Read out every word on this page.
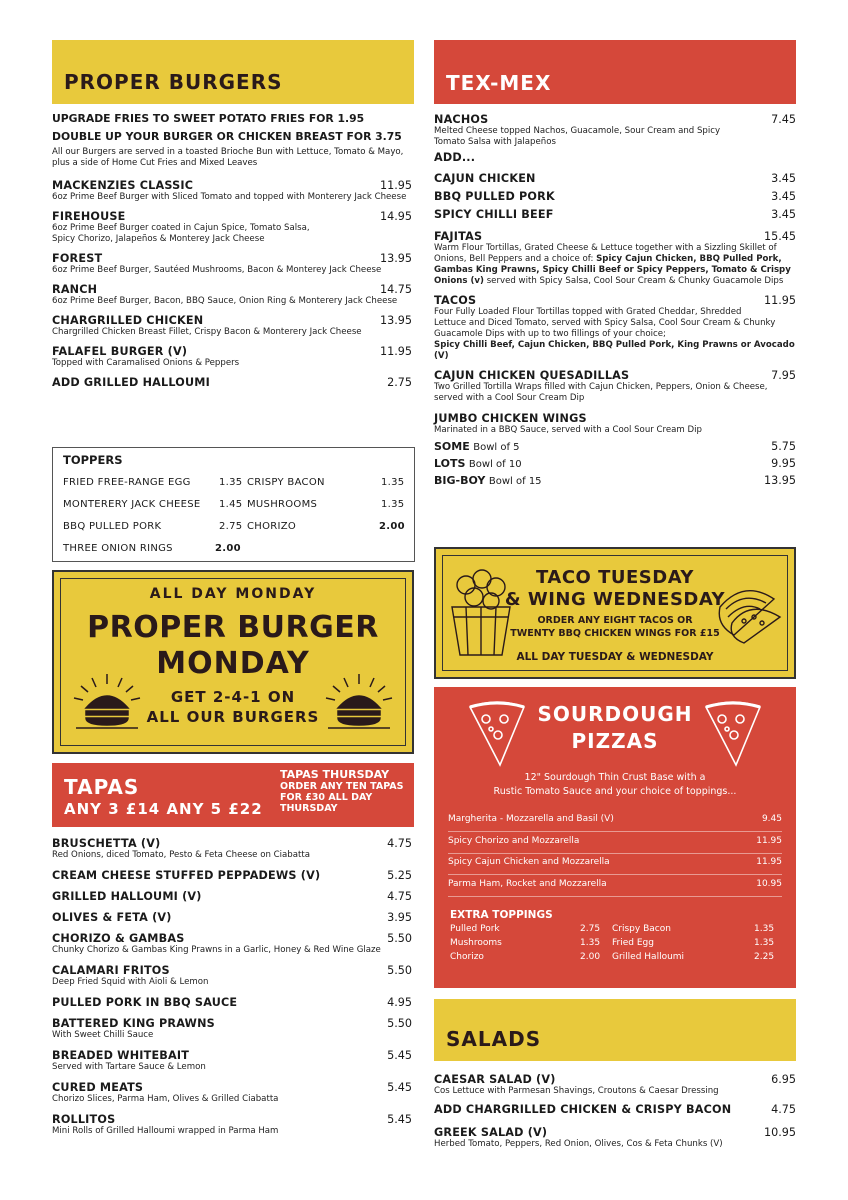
PROPER BURGERS
UPGRADE FRIES TO SWEET POTATO FRIES FOR 1.95
DOUBLE UP YOUR BURGER OR CHICKEN BREAST FOR 3.75
All our Burgers are served in a toasted Brioche Bun with Lettuce, Tomato & Mayo,
plus a side of Home Cut Fries and Mixed Leaves
MACKENZIES CLASSIC	11.95
6oz Prime Beef Burger with Sliced Tomato and topped with Monterery Jack Cheese
FIREHOUSE	14.95
6oz Prime Beef Burger coated in Cajun Spice, Tomato Salsa,
Spicy Chorizo, Jalapeños & Monterey Jack Cheese
FOREST	13.95
6oz Prime Beef Burger, Sautéed Mushrooms, Bacon & Monterey Jack Cheese
RANCH	14.75
6oz Prime Beef Burger, Bacon, BBQ Sauce, Onion Ring & Monterery Jack Cheese
CHARGRILLED CHICKEN	13.95
Chargrilled Chicken Breast Fillet, Crispy Bacon & Monterery Jack Cheese
FALAFEL BURGER (V)	11.95
Topped with Caramalised Onions & Peppers
ADD GRILLED HALLOUMI	2.75
TOPPERS
FRIED FREE-RANGE EGG	1.35 CRISPY BACON	1.35
MONTERERY JACK CHEESE 1.45 MUSHROOMS	1.35
BBQ PULLED PORK	2.75 CHORIZO	2.00
THREE ONION RINGS	2.00
ALL DAY MONDAY
PROPER BURGER
MONDAY
GET 2-4-1 ON
ALL OUR BURGERS
TAPAS
ANY 3 £14 ANY 5 £22
TAPAS THURSDAY
ORDER ANY TEN TAPAS
FOR £30 ALL DAY
THURSDAY
BRUSCHETTA (V)	4.75
Red Onions, diced Tomato, Pesto & Feta Cheese on Ciabatta
CREAM CHEESE STUFFED PEPPADEWS (V)	5.25
GRILLED HALLOUMI (V)	4.75
OLIVES & FETA (V)	3.95
CHORIZO & GAMBAS	5.50
Chunky Chorizo & Gambas King Prawns in a Garlic, Honey & Red Wine Glaze
CALAMARI FRITOS	5.50
Deep Fried Squid with Aioli & Lemon
PULLED PORK IN BBQ SAUCE	4.95
BATTERED KING PRAWNS	5.50
With Sweet Chilli Sauce
BREADED WHITEBAIT	5.45
Served with Tartare Sauce & Lemon
CURED MEATS	5.45
Chorizo Slices, Parma Ham, Olives & Grilled Ciabatta
ROLLITOS	5.45
Mini Rolls of Grilled Halloumi wrapped in Parma Ham
TEX-MEX
NACHOS	7.45
Melted Cheese topped Nachos, Guacamole, Sour Cream and Spicy
Tomato Salsa with Jalapeños
ADD...
CAJUN CHICKEN	3.45
BBQ PULLED PORK	3.45
SPICY CHILLI BEEF	3.45
FAJITAS	15.45
Warm Flour Tortillas, Grated Cheese & Lettuce together with a Sizzling Skillet of
Onions, Bell Peppers and a choice of: Spicy Cajun Chicken, BBQ Pulled Pork,
Gambas King Prawns, Spicy Chilli Beef or Spicy Peppers, Tomato & Crispy
Onions (v) served with Spicy Salsa, Cool Sour Cream & Chunky Guacamole Dips
TACOS	11.95
Four Fully Loaded Flour Tortillas topped with Grated Cheddar, Shredded
Lettuce and Diced Tomato, served with Spicy Salsa, Cool Sour Cream & Chunky
Guacamole Dips with up to two fillings of your choice;
Spicy Chilli Beef, Cajun Chicken, BBQ Pulled Pork, King Prawns or Avocado (V)
CAJUN CHICKEN QUESADILLAS	7.95
Two Grilled Tortilla Wraps filled with Cajun Chicken, Peppers, Onion & Cheese,
served with a Cool Sour Cream Dip
JUMBO CHICKEN WINGS
Marinated in a BBQ Sauce, served with a Cool Sour Cream Dip
SOME Bowl of 5	5.75
LOTS Bowl of 10	9.95
BIG-BOY Bowl of 15	13.95
TACO TUESDAY
& WING WEDNESDAY
ORDER ANY EIGHT TACOS OR
TWENTY BBQ CHICKEN WINGS FOR £15
ALL DAY TUESDAY & WEDNESDAY
SOURDOUGH
PIZZAS
12" Sourdough Thin Crust Base with a
Rustic Tomato Sauce and your choice of toppings...
Margherita - Mozzarella and Basil (V)	9.45
Spicy Chorizo and Mozzarella	11.95
Spicy Cajun Chicken and Mozzarella	11.95
Parma Ham, Rocket and Mozzarella	10.95
EXTRA TOPPINGS
Pulled Pork	2.75 Crispy Bacon	1.35
Mushrooms	1.35 Fried Egg	1.35
Chorizo	2.00 Grilled Halloumi	2.25
SALADS
CAESAR SALAD (V)	6.95
Cos Lettuce with Parmesan Shavings, Croutons & Caesar Dressing
ADD CHARGRILLED CHICKEN & CRISPY BACON	4.75
GREEK SALAD (V)	10.95
Herbed Tomato, Peppers, Red Onion, Olives, Cos & Feta Chunks (V)
